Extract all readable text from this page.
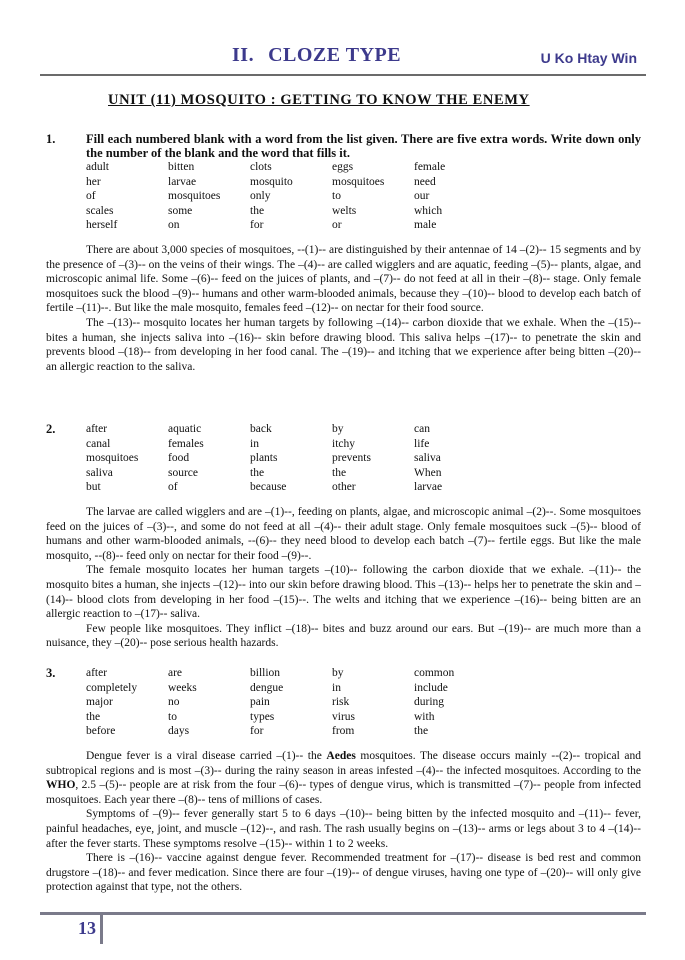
II. CLOZE TYPE	U Ko Htay Win
UNIT (11) MOSQUITO : GETTING TO KNOW THE ENEMY
1. Fill each numbered blank with a word from the list given. There are five extra words. Write down only the number of the blank and the word that fills it.
adult	bitten	clots	eggs	female
her	larvae	mosquito	mosquitoes	need
of	mosquitoes	only	to	our
scales	some	the	welts	which
herself	on	for	or	male

There are about 3,000 species of mosquitoes, --(1)-- are distinguished by their antennae of 14 –(2)-- 15 segments and by the presence of –(3)-- on the veins of their wings. The –(4)-- are called wigglers and are aquatic, feeding –(5)-- plants, algae, and microscopic animal life. Some –(6)-- feed on the juices of plants, and –(7)-- do not feed at all in their –(8)-- stage. Only female mosquitoes suck the blood –(9)-- humans and other warm-blooded animals, because they –(10)-- blood to develop each batch of fertile –(11)--. But like the male mosquito, females feed –(12)-- on nectar for their food source.

The –(13)-- mosquito locates her human targets by following –(14)-- carbon dioxide that we exhale. When the –(15)-- bites a human, she injects saliva into –(16)-- skin before drawing blood. This saliva helps –(17)-- to penetrate the skin and prevents blood –(18)-- from developing in her food canal. The –(19)-- and itching that we experience after being bitten –(20)-- an allergic reaction to the saliva.

2.	after	aquatic	back	by	can
canal	females	in	itchy	life
mosquitoes	food	plants	prevents	saliva
saliva	source	the	the	When
but	of	because	other	larvae

The larvae are called wigglers and are –(1)--, feeding on plants, algae, and microscopic animal –(2)--. Some mosquitoes feed on the juices of –(3)--, and some do not feed at all –(4)-- their adult stage. Only female mosquitoes suck –(5)-- blood of humans and other warm-blooded animals, --(6)-- they need blood to develop each batch –(7)-- fertile eggs. But like the male mosquito, --(8)-- feed only on nectar for their food –(9)--.

The female mosquito locates her human targets –(10)-- following the carbon dioxide that we exhale. –(11)-- the mosquito bites a human, she injects –(12)-- into our skin before drawing blood. This –(13)-- helps her to penetrate the skin and –(14)-- blood clots from developing in her food –(15)--. The welts and itching that we experience –(16)-- being bitten are an allergic reaction to –(17)-- saliva.

Few people like mosquitoes. They inflict –(18)-- bites and buzz around our ears. But –(19)-- are much more than a nuisance, they –(20)-- pose serious health hazards.

3.	after	are	billion	by	common
completely	weeks	dengue	in	include
major	no	pain	risk	during
the	to	types	virus	with
before	days	for	from	the

Dengue fever is a viral disease carried –(1)-- the Aedes mosquitoes. The disease occurs mainly --(2)-- tropical and subtropical regions and is most –(3)-- during the rainy season in areas infested –(4)-- the infected mosquitoes. According to the WHO, 2.5 –(5)-- people are at risk from the four –(6)-- types of dengue virus, which is transmitted –(7)-- people from infected mosquitoes. Each year there –(8)-- tens of millions of cases.

Symptoms of –(9)-- fever generally start 5 to 6 days –(10)-- being bitten by the infected mosquito and –(11)-- fever, painful headaches, eye, joint, and muscle –(12)--, and rash. The rash usually begins on –(13)-- arms or legs about 3 to 4 –(14)-- after the fever starts. These symptoms resolve –(15)-- within 1 to 2 weeks.

There is –(16)-- vaccine against dengue fever. Recommended treatment for –(17)-- disease is bed rest and common drugstore –(18)-- and fever medication. Since there are four –(19)-- of dengue viruses, having one type of –(20)-- will only give protection against that type, not the others.

13
